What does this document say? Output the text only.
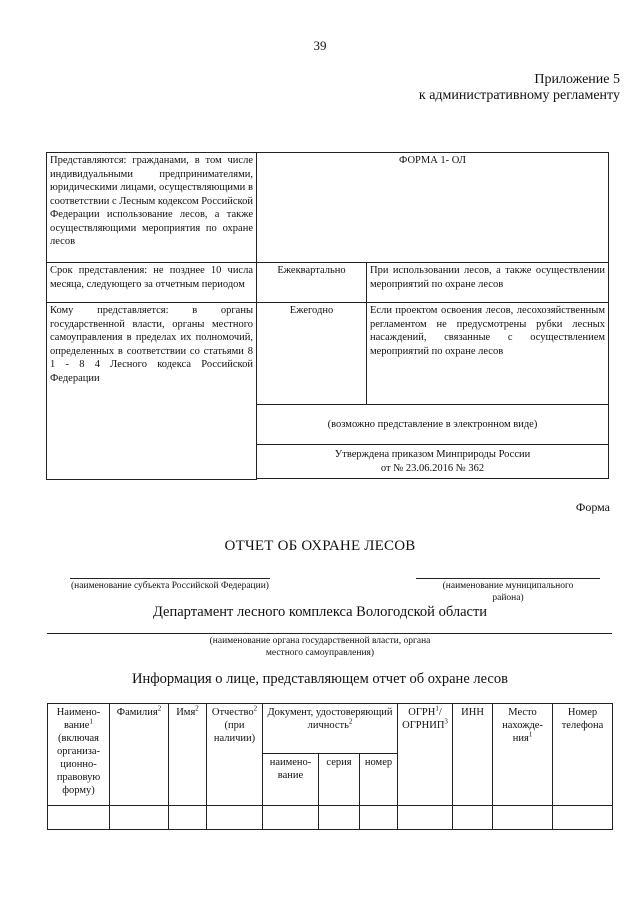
39
Приложение 5
к административному регламенту
Представляются: гражданами, в том числе индивидуальными предпринимателями, юридическими лицами, осуществляющими в соответствии с Лесным кодексом Российской Федерации использование лесов, а также осуществляющими мероприятия по охране лесов	ФОРМА 1- ОЛ	
Срок представления: не позднее 10 числа месяца, следующего за отчетным периодом	Ежеквартально	При использовании лесов, а также осуществлении мероприятий по охране лесов
Кому представляется: в органы государственной власти, органы местного самоуправления в пределах их полномочий, определенных в соответствии со статьями 8 1 - 8 4 Лесного кодекса Российской Федерации	Ежегодно	Если проектом освоения лесов, лесохозяйственным регламентом не предусмотрены рубки лесных насаждений, связанные с осуществлением мероприятий по охране лесов
	(возможно представление в электронном виде)	

	Утверждена приказом Минприроды России
от № 23.06.2016 № 362	
Форма
ОТЧЕТ ОБ ОХРАНЕ ЛЕСОВ
(наименование субъекта Российской Федерации)	(наименование муниципального района)
Департамент лесного комплекса Вологодской области
(наименование органа государственной власти, органа местного самоуправления)
Информация о лице, представляющем отчет об охране лесов
Наимено-вание$^1$ (включая организа-ционно-правовую форму)	Фамилия$^2$	Имя$^2$	Отчество$^2$ (при наличии)	Документ, удостоверяющий личность$^2$			ОГРН$^1$/ ОГРНИП$^3$	ИНН	Место нахожде-ния$^1$	Номер телефона
				наимено-вание	серия	номер				
